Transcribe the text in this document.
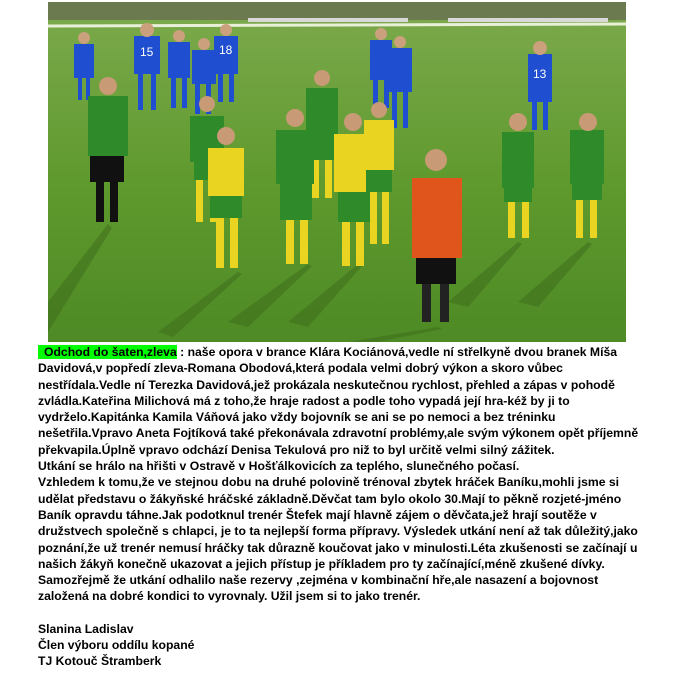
15	18
13

Odchod do šaten,zleva : naše opora v brance Klára Kociánová,vedle ní střelkyně dvou branek Míša Davidová,v popředí zleva-Romana Obodová,která podala velmi dobrý výkon a skoro vůbec nestřídala.Vedle ní Terezka Davidová,jež prokázala neskutečnou rychlost, přehled a zápas v pohodě zvládla.Kateřina Milichová má z toho,že hraje radost a podle toho vypadá její hra-kéž by ji to vydrželo.Kapitánka Kamila Váňová jako vždy bojovník se ani se po nemoci a bez tréninku nešetřila.Vpravo Aneta Fojtíková také překonávala zdravotní problémy,ale svým výkonem opět příjemně překvapila.Úplně vpravo odchází Denisa Tekulová pro niž to byl určitě velmi silný zážitek.

Utkání se hrálo na hřišti v Ostravě v Hošťálkovicích za teplého, slunečného počasí.

Vzhledem k tomu,že ve stejnou dobu na druhé polovině trénoval zbytek hráček Baníku,mohli jsme si udělat představu o žákyňské hráčské základně.Děvčat tam bylo okolo 30.Mají to pěkně rozjeté-jméno Baník opravdu táhne.Jak podotknul trenér Štefek mají hlavně zájem o děvčata,jež hrají soutěže v družstvech společně s chlapci, je to ta nejlepší forma přípravy. Výsledek utkání není až tak důležitý,jako poznání,že už trenér nemusí hráčky tak důrazně koučovat jako v minulosti.Léta zkušenosti se začínají u našich žákyň konečně ukazovat a jejich přístup je příkladem pro ty začínající,méně zkušené dívky. Samozřejmě že utkání odhalilo naše rezervy ,zejména v kombinační hře,ale nasazení a bojovnost založená na dobré kondici to vyrovnaly. Užil jsem si to jako trenér.

Slanina Ladislav

Člen výboru oddílu kopané

TJ Kotouč Štramberk
